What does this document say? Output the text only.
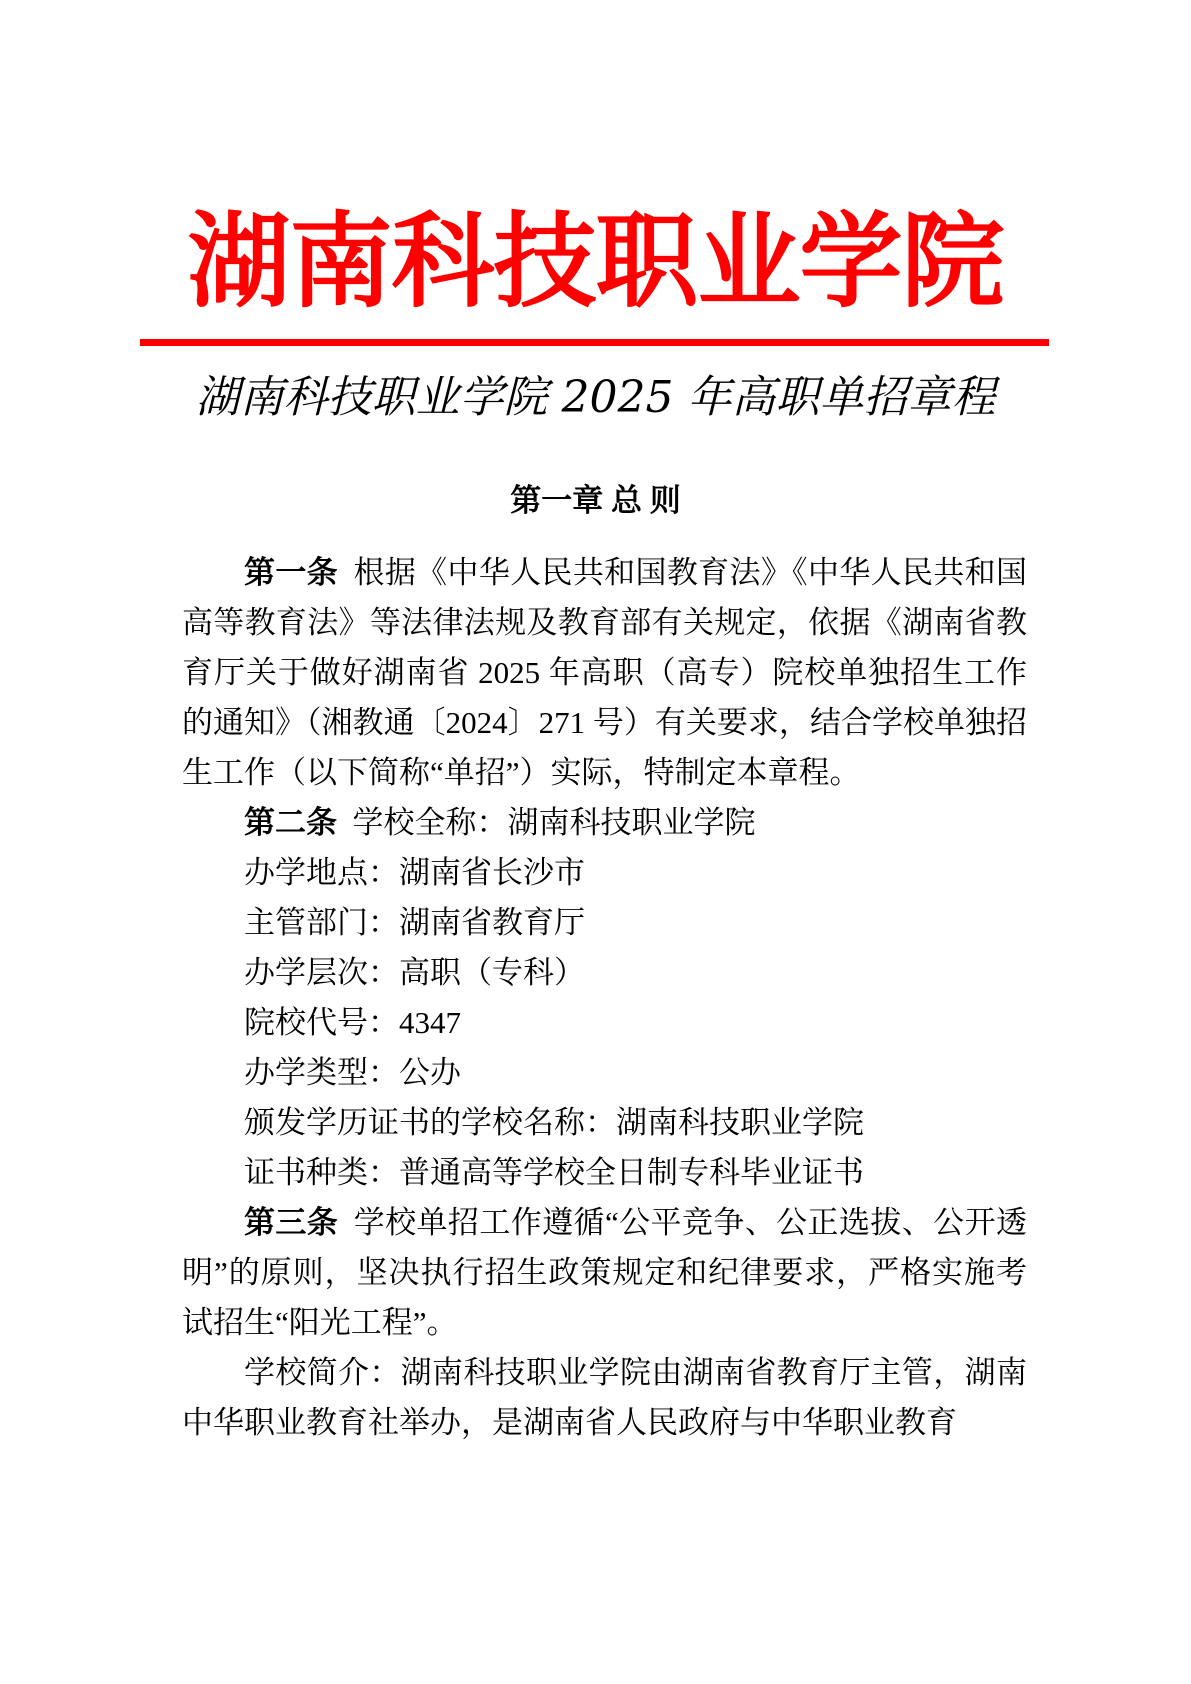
湖南科技职业学院
湖南科技职业学院 2025 年高职单招章程
第一章 总 则

第一条 根据《中华人民共和国教育法》《中华人民共和国高等教育法》等法律法规及教育部有关规定，依据《湖南省教育厅关于做好湖南省 2025 年高职（高专）院校单独招生工作的通知》（湘教通〔2024〕271 号）有关要求，结合学校单独招生工作（以下简称“单招”）实际，特制定本章程。

第二条 学校全称：湖南科技职业学院

办学地点：湖南省长沙市

主管部门：湖南省教育厅

办学层次：高职（专科）

院校代号：4347

办学类型：公办

颁发学历证书的学校名称：湖南科技职业学院

证书种类：普通高等学校全日制专科毕业证书

第三条 学校单招工作遵循“公平竞争、公正选拔、公开透明”的原则，坚决执行招生政策规定和纪律要求，严格实施考试招生“阳光工程”。

学校简介：湖南科技职业学院由湖南省教育厅主管，湖南中华职业教育社举办，是湖南省人民政府与中华职业教育
